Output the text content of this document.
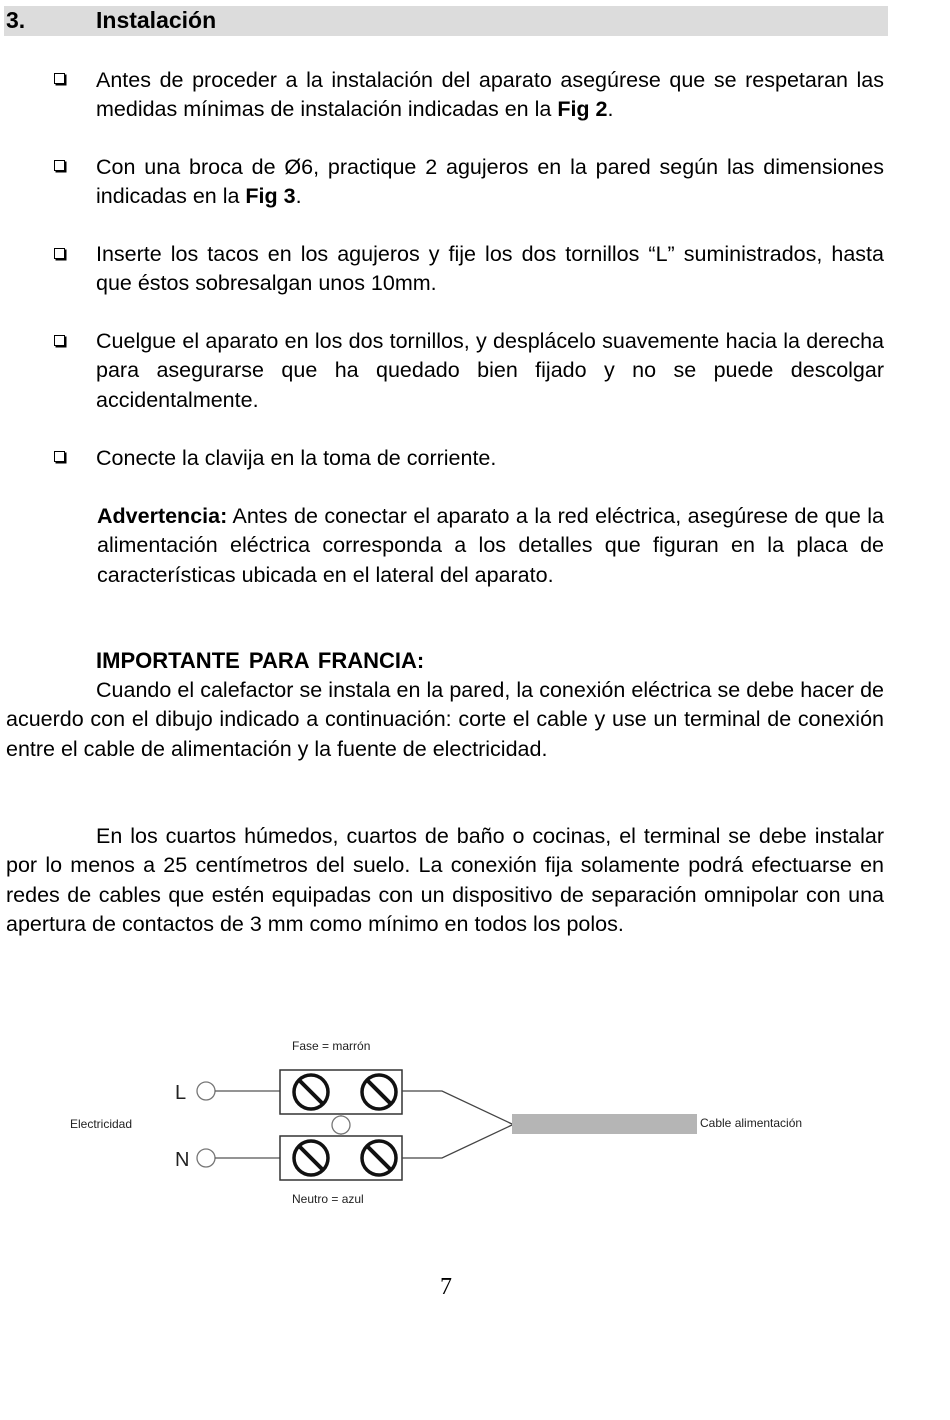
3.	Instalación
Antes de proceder a la instalación del aparato asegúrese que se respetaran las medidas mínimas de instalación indicadas en la Fig 2.
Con una broca de Ø6, practique 2 agujeros en la pared según las dimensiones indicadas en la Fig 3.
Inserte los tacos en los agujeros y fije los dos tornillos “L” suministrados, hasta que éstos sobresalgan unos 10mm.
Cuelgue el aparato en los dos tornillos, y desplácelo suavemente hacia la derecha para asegurarse que ha quedado bien fijado y no se puede descolgar accidentalmente.
Conecte la clavija en la toma de corriente.
Advertencia: Antes de conectar el aparato a la red eléctrica, asegúrese de que la alimentación eléctrica corresponda a los detalles que figuran en la placa de características ubicada en el lateral del aparato.
IMPORTANTE PARA FRANCIA:
Cuando el calefactor se instala en la pared, la conexión eléctrica se debe hacer de acuerdo con el dibujo indicado a continuación: corte el cable y use un terminal de conexión entre el cable de alimentación y la fuente de electricidad.
En los cuartos húmedos, cuartos de baño o cocinas, el terminal se debe instalar por lo menos a 25 centímetros del suelo. La conexión fija solamente podrá efectuarse en redes de cables que estén equipadas con un dispositivo de separación omnipolar con una apertura de contactos de 3 mm como mínimo en todos los polos.
Fase = marrón
Electricidad
L
N
Neutro = azul
Cable alimentación
7
